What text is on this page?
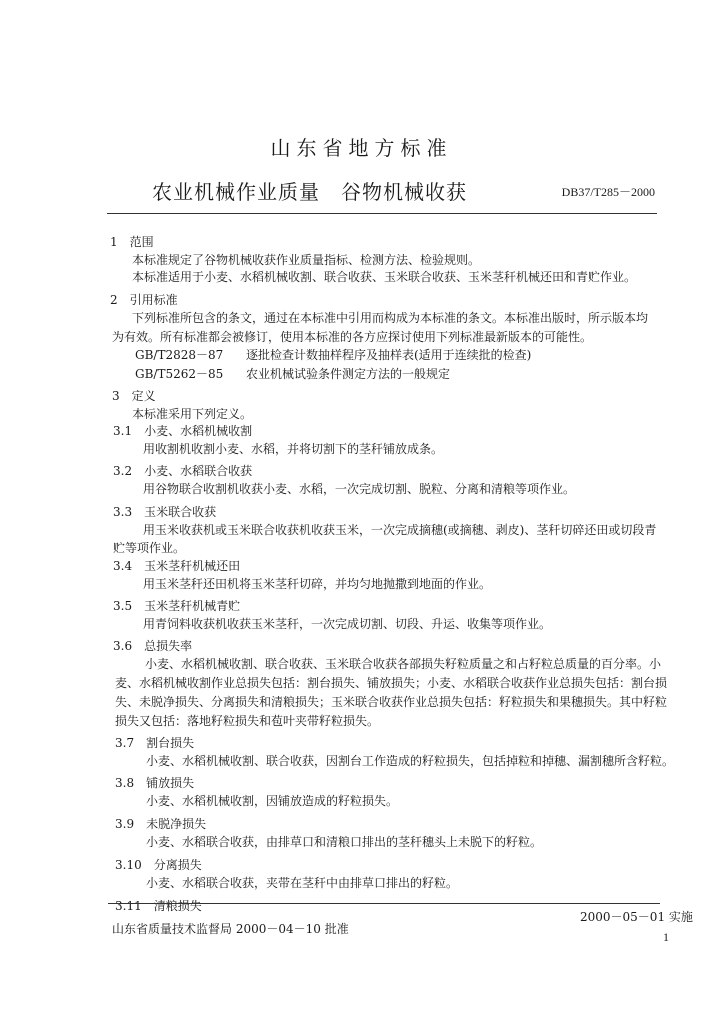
山东省地方标准
农业机械作业质量　谷物机械收获	DB37/T285－2000
1　范围
本标准规定了谷物机械收获作业质量指标、检测方法、检验规则。
本标准适用于小麦、水稻机械收割、联合收获、玉米联合收获、玉米茎秆机械还田和青贮作业。
2　引用标准
下列标准所包含的条文，通过在本标准中引用而构成为本标准的条文。本标准出版时，所示版本均
为有效。所有标准都会被修订，使用本标准的各方应探讨使用下列标准最新版本的可能性。
GB/T2828－87 逐批检查计数抽样程序及抽样表(适用于连续批的检查)
GB/T5262－85 农业机械试验条件测定方法的一般规定
3　定义
本标准采用下列定义。
3.1　小麦、水稻机械收割
用收割机收割小麦、水稻，并将切割下的茎秆铺放成条。
3.2　小麦、水稻联合收获
用谷物联合收割机收获小麦、水稻，一次完成切割、脱粒、分离和清粮等项作业。
3.3　玉米联合收获
用玉米收获机或玉米联合收获机收获玉米，一次完成摘穗(或摘穗、剥皮)、茎秆切碎还田或切段青
贮等项作业。
3.4　玉米茎秆机械还田
用玉米茎秆还田机将玉米茎秆切碎，并均匀地抛撒到地面的作业。
3.5　玉米茎秆机械青贮
用青饲料收获机收获玉米茎秆，一次完成切割、切段、升运、收集等项作业。
3.6　总损失率
小麦、水稻机械收割、联合收获、玉米联合收获各部损失籽粒质量之和占籽粒总质量的百分率。小
麦、水稻机械收割作业总损失包括：割台损失、铺放损失；小麦、水稻联合收获作业总损失包括：割台损
失、未脱净损失、分离损失和清粮损失；玉米联合收获作业总损失包括：籽粒损失和果穗损失。其中籽粒
损失又包括：落地籽粒损失和苞叶夹带籽粒损失。
3.7　割台损失
小麦、水稻机械收割、联合收获，因割台工作造成的籽粒损失，包括掉粒和掉穗、漏割穗所含籽粒。
3.8　铺放损失
小麦、水稻机械收割，因铺放造成的籽粒损失。
3.9　未脱净损失
小麦、水稻联合收获，由排草口和清粮口排出的茎秆穗头上未脱下的籽粒。
3.10　分离损失
小麦、水稻联合收获，夹带在茎秆中由排草口排出的籽粒。
3.11　清粮损失
山东省质量技术监督局 2000－04－10 批准
2000－05－01 实施
1
